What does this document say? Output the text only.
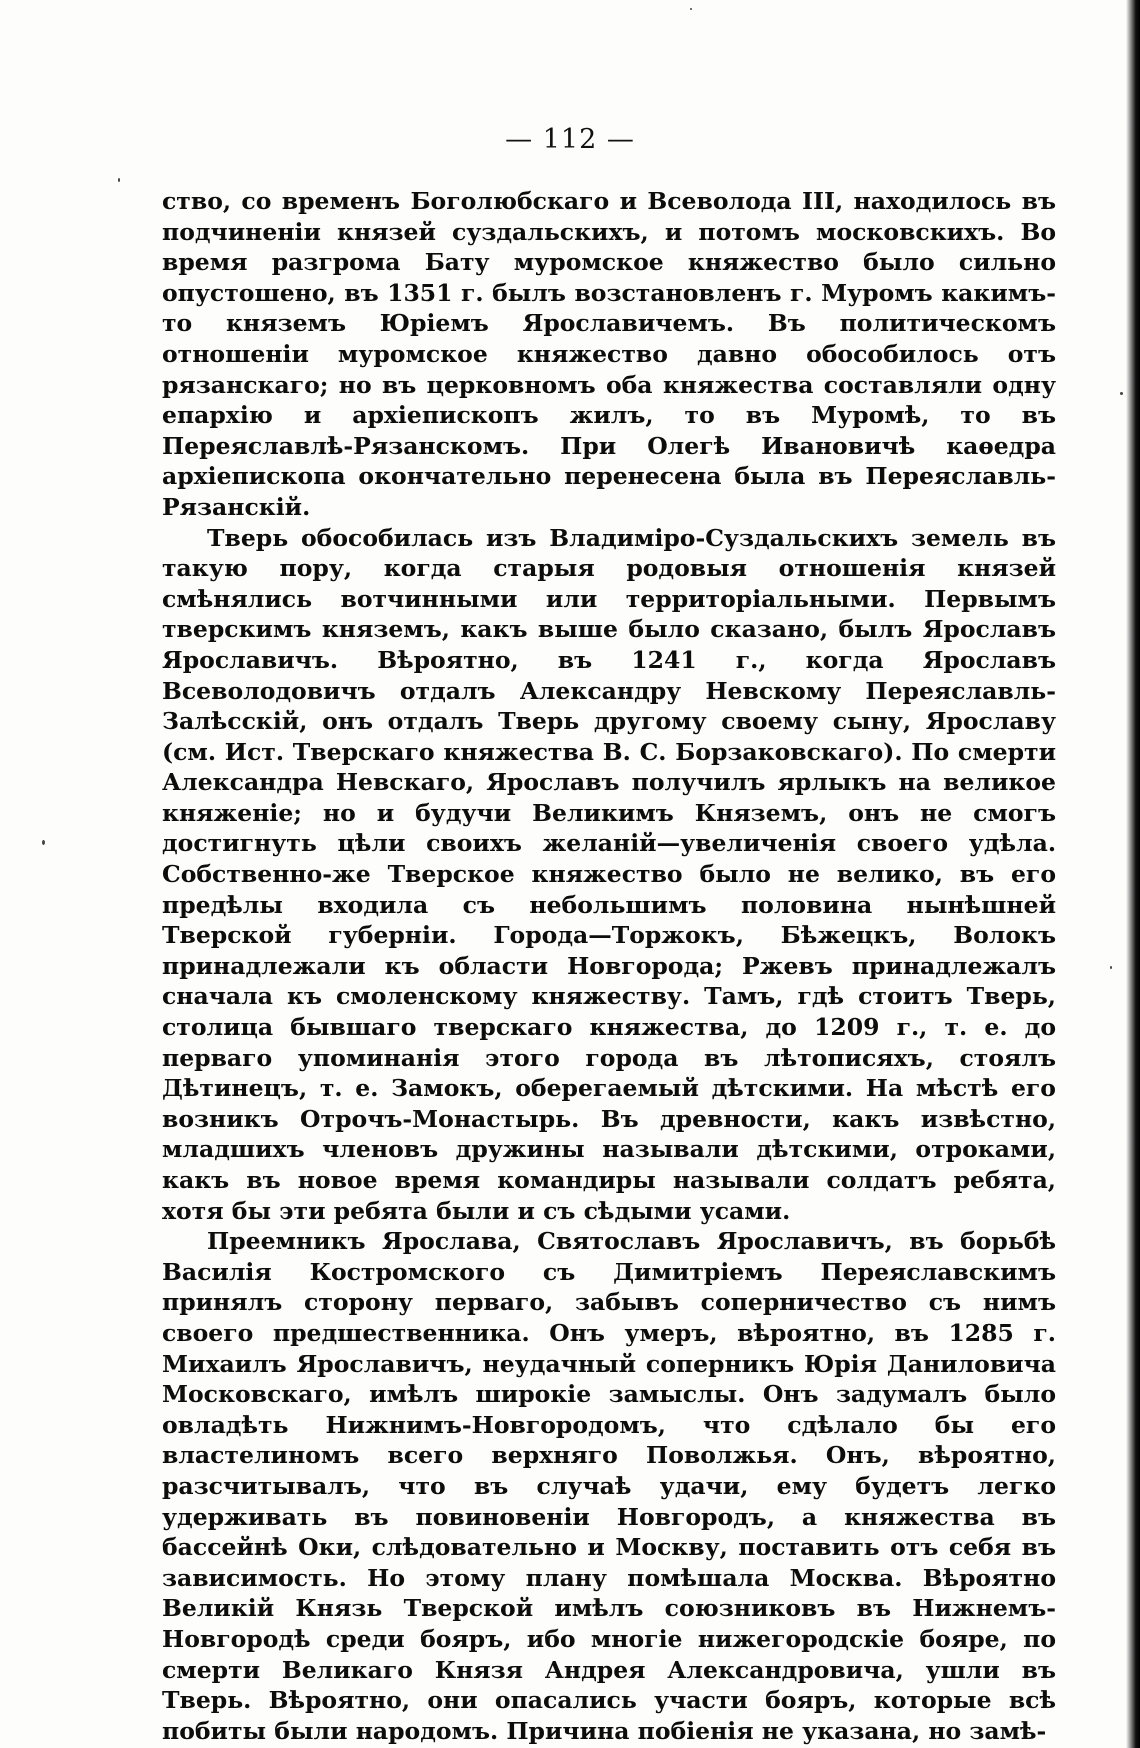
— 112 —

ство, со временъ Боголюбскаго и Всеволода III, находилось въ подчиненіи князей суздальскихъ, и потомъ московскихъ. Во время разгрома Бату муромское княжество было сильно опустошено, въ 1351 г. былъ возстановленъ г. Муромъ какимъ-то княземъ Юріемъ Ярославичемъ. Въ политическомъ отношеніи муромское княжество давно обособилось отъ рязанскаго; но въ церковномъ оба княжества составляли одну епархію и архіепископъ жилъ, то въ Муромѣ, то въ Переяславлѣ-Рязанскомъ. При Олегѣ Ивановичѣ каѳедра архіепископа окончательно перенесена была въ Переяславль-Рязанскій.

Тверь обособилась изъ Владиміро-Суздальскихъ земель въ такую пору, когда старыя родовыя отношенія князей смѣнялись вотчинными или территоріальными. Первымъ тверскимъ княземъ, какъ выше было сказано, былъ Ярославъ Ярославичъ. Вѣроятно, въ 1241 г., когда Ярославъ Всеволодовичъ отдалъ Александру Невскому Переяславль-Залѣсскій, онъ отдалъ Тверь другому своему сыну, Ярославу (см. Ист. Тверскаго княжества В. С. Борзаковскаго). По смерти Александра Невскаго, Ярославъ получилъ ярлыкъ на великое княженіе; но и будучи Великимъ Княземъ, онъ не смогъ достигнуть цѣли своихъ желаній—увеличенія своего удѣла. Собственно-же Тверское княжество было не велико, въ его предѣлы входила съ небольшимъ половина нынѣшней Тверской губерніи. Города—Торжокъ, Бѣжецкъ, Волокъ принадлежали къ области Новгорода; Ржевъ принадлежалъ сначала къ смоленскому княжеству. Тамъ, гдѣ стоитъ Тверь, столица бывшаго тверскаго княжества, до 1209 г., т. е. до перваго упоминанія этого города въ лѣтописяхъ, стоялъ Дѣтинецъ, т. е. Замокъ, оберегаемый дѣтскими. На мѣстѣ его возникъ Отрочъ-Монастырь. Въ древности, какъ извѣстно, младшихъ членовъ дружины называли дѣтскими, отроками, какъ въ новое время командиры называли солдатъ ребята, хотя бы эти ребята были и съ сѣдыми усами.

Преемникъ Ярослава, Святославъ Ярославичъ, въ борьбѣ Василія Костромского съ Димитріемъ Переяславскимъ принялъ сторону перваго, забывъ соперничество съ нимъ своего предшественника. Онъ умеръ, вѣроятно, въ 1285 г. Михаилъ Ярославичъ, неудачный соперникъ Юрія Даниловича Московскаго, имѣлъ широкіе замыслы. Онъ задумалъ было овладѣть Нижнимъ-Новгородомъ, что сдѣлало бы его властелиномъ всего верхняго Поволжья. Онъ, вѣроятно, разсчитывалъ, что въ случаѣ удачи, ему будетъ легко удерживать въ повиновеніи Новгородъ, а княжества въ бассейнѣ Оки, слѣдовательно и Москву, поставить отъ себя въ зависимость. Но этому плану помѣшала Москва. Вѣроятно Великій Князь Тверской имѣлъ союзниковъ въ Нижнемъ-Новгородѣ среди бояръ, ибо многіе нижегородскіе бояре, по смерти Великаго Князя Андрея Александровича, ушли въ Тверь. Вѣроятно, они опасались участи бояръ, которые всѣ побиты были народомъ. Причина побіенія не указана, но замѣ-
